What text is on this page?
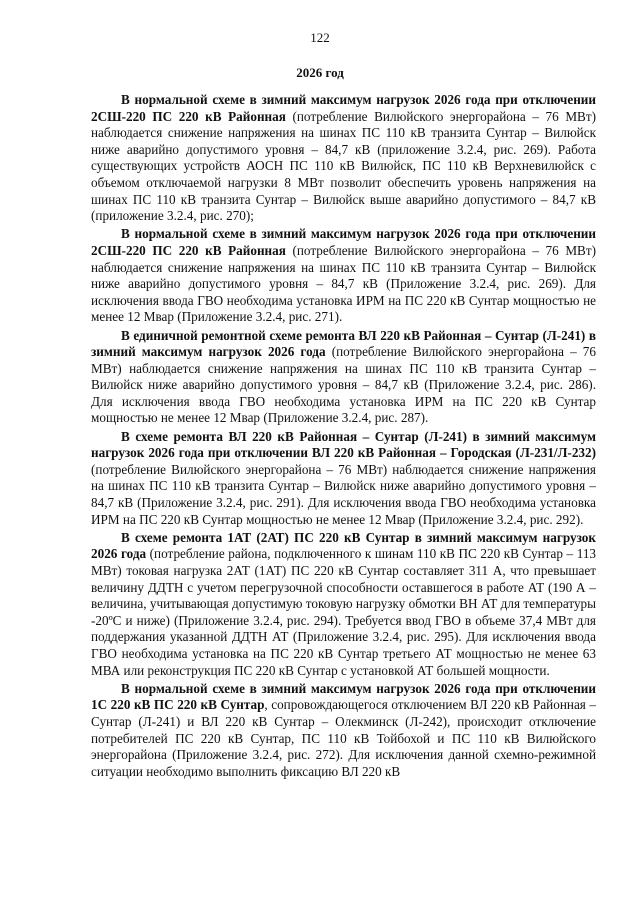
122
2026 год

В нормальной схеме в зимний максимум нагрузок 2026 года при отключении 2СШ-220 ПС 220 кВ Районная (потребление Вилюйского энергорайона – 76 МВт) наблюдается снижение напряжения на шинах ПС 110 кВ транзита Сунтар – Вилюйск ниже аварийно допустимого уровня – 84,7 кВ (приложение 3.2.4, рис. 269). Работа существующих устройств АОСН ПС 110 кВ Вилюйск, ПС 110 кВ Верхневилюйск с объемом отключаемой нагрузки 8 МВт позволит обеспечить уровень напряжения на шинах ПС 110 кВ транзита Сунтар – Вилюйск выше аварийно допустимого – 84,7 кВ (приложение 3.2.4, рис. 270);

В нормальной схеме в зимний максимум нагрузок 2026 года при отключении 2СШ-220 ПС 220 кВ Районная (потребление Вилюйского энергорайона – 76 МВт) наблюдается снижение напряжения на шинах ПС 110 кВ транзита Сунтар – Вилюйск ниже аварийно допустимого уровня – 84,7 кВ (Приложение 3.2.4, рис. 269). Для исключения ввода ГВО необходима установка ИРМ на ПС 220 кВ Сунтар мощностью не менее 12 Мвар (Приложение 3.2.4, рис. 271).

В единичной ремонтной схеме ремонта ВЛ 220 кВ Районная – Сунтар (Л-241) в зимний максимум нагрузок 2026 года (потребление Вилюйского энергорайона – 76 МВт) наблюдается снижение напряжения на шинах ПС 110 кВ транзита Сунтар – Вилюйск ниже аварийно допустимого уровня – 84,7 кВ (Приложение 3.2.4, рис. 286). Для исключения ввода ГВО необходима установка ИРМ на ПС 220 кВ Сунтар мощностью не менее 12 Мвар (Приложение 3.2.4, рис. 287).

В схеме ремонта ВЛ 220 кВ Районная – Сунтар (Л-241) в зимний максимум нагрузок 2026 года при отключении ВЛ 220 кВ Районная – Городская (Л-231/Л-232) (потребление Вилюйского энергорайона – 76 МВт) наблюдается снижение напряжения на шинах ПС 110 кВ транзита Сунтар – Вилюйск ниже аварийно допустимого уровня – 84,7 кВ (Приложение 3.2.4, рис. 291). Для исключения ввода ГВО необходима установка ИРМ на ПС 220 кВ Сунтар мощностью не менее 12 Мвар (Приложение 3.2.4, рис. 292).

В схеме ремонта 1АТ (2АТ) ПС 220 кВ Сунтар в зимний максимум нагрузок 2026 года (потребление района, подключенного к шинам 110 кВ ПС 220 кВ Сунтар – 113 МВт) токовая нагрузка 2АТ (1АТ) ПС 220 кВ Сунтар составляет 311 А, что превышает величину ДДТН с учетом перегрузочной способности оставшегося в работе АТ (190 А – величина, учитывающая допустимую токовую нагрузку обмотки ВН АТ для температуры -20ºС и ниже) (Приложение 3.2.4, рис. 294). Требуется ввод ГВО в объеме 37,4 МВт для поддержания указанной ДДТН АТ (Приложение 3.2.4, рис. 295). Для исключения ввода ГВО необходима установка на ПС 220 кВ Сунтар третьего АТ мощностью не менее 63 МВА или реконструкция ПС 220 кВ Сунтар с установкой АТ большей мощности.

В нормальной схеме в зимний максимум нагрузок 2026 года при отключении 1С 220 кВ ПС 220 кВ Сунтар, сопровождающегося отключением ВЛ 220 кВ Районная – Сунтар (Л-241) и ВЛ 220 кВ Сунтар – Олекминск (Л-242), происходит отключение потребителей ПС 220 кВ Сунтар, ПС 110 кВ Тойбохой и ПС 110 кВ Вилюйского энергорайона (Приложение 3.2.4, рис. 272). Для исключения данной схемно-режимной ситуации необходимо выполнить фиксацию ВЛ 220 кВ
